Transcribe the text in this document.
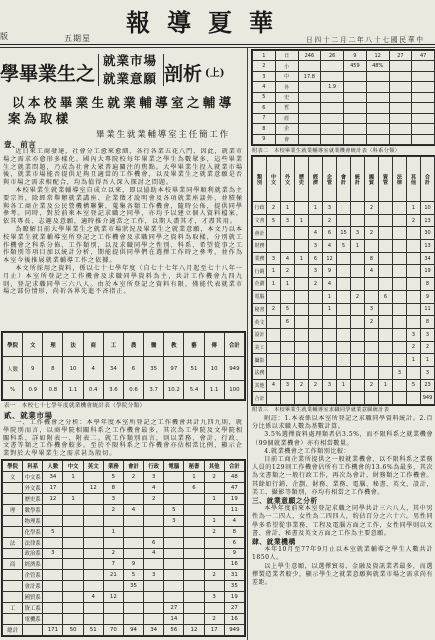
版	五期星
報導夏華
日四十二月二年八十七國民華中
學畢業生之
就業市場
就業意願 剖析 (上)
以本校畢業生就業輔導室之輔導
案為取樣
畢業生就業輔導室主任簡工作
壹、前言

近日來工商發達，社會分工愈來愈細，各行各業五花八門，因此，就業市場之需求亦愈形多樣化。國內大專院校每年畢業之學生為數眾多，這些畢業生之就業問題，乃成為社會大眾普遍關注的焦點。大學畢業生投入就業市場後，就業市場能否提供足夠且適當的工作機會，以及畢業生之就業意願是否與市場之需求相配合，均為值得吾人深入探討之問題。

本校畢業生就業輔導室自成立以來，即以協助本校畢業同學順利就業為主要宗旨，除經常舉辦就業講座、企業徵才說明會及各項就業座談外，並積極與各工商企業及公民營機構聯繫，蒐集各類工作機會，隨時公佈，提供同學參考。同時，對於前來本室登記求職之同學，亦均予以建立個人資料檔案，依其專長、志趣及意願，適時推介適當之工作，以期人盡其才，才盡其用。

為瞭解目前大學畢業生之就業市場狀況及畢業生之就業意願，本文乃以本校畢業生就業輔導室所登記之工作機會及求職同學之資料為取樣，分別就工作機會之科系分佈、工作類別，以及求職同學之性別、科系、希望從事之工作類別等項目加以統計分析，期能提供同學們在選擇工作時之參考，並作為本室今後推展就業輔導工作之依據。

本文所採用之資料，係以七十七學年度（自七十七年八月起至七十八年一月止）本室所登記之工作機會及求職同學資料為主，共計工作機會九四九則，登記求職同學三六八人。由於本室所登記之資料有限，僅能代表就業市場之部份情形，尚祈各界先進不吝指正。

學院	文	理	法	商	工	農	醫	教	藝	傳	合計
人數	9	8	10	4	34	6	35	97	51	10	949
%	0.9	0.8	1.1	0.4	3.6	0.6	3.7	10.2	5.4	1.1	100
表一　本校七十七學年度就業機會統計表（學院分類）
貳、就業市場

一、工作機會之分析：本學年度本室所登記之工作機會共計九四九則，就學院別而言，以商學院相關科系之工作機會最多，其次為工學院及文學院相關科系，詳如附表一、附表二。就工作類別而言，則以業務、會計、行政、文書等類之工作機會較多。至於不限科系之工作機會亦佔相當比例，顯示企業對於大學畢業生之需求甚為殷切。

學院	科系	人數	中文	英文	業務	會計	行政	電腦	秘書	其他	合計
文	中文系	34	1		5	2	3		1	2	48
	外文系	17		12	8		4		6		47
	歷史系	12	1		3		2			1	19
理	數學系				2	4		5			11
	物理系							3		1	4
	化學系	5			1					2	8
法	法律系						6				6
	政治系	3			2		4				9
商	經濟系				7	9					16
	企管系				21	5	3			2	31
	會計系					35					35
	國貿系			4	12					3	19
工	資工系							27			27
	電機系							14		2	16
總計		171	50	51	70	94	34	56	12	17	949
1	日	246	26	9	12	27	47
2	小			459	48%		
3	中	17.8					
4	外		1.9				
5	史						
6	哲						
7	經						
8	企						
9	會						
附表二　本校畢業生就業輔導室就業機會統計表（科系分類）
類別	中文	外文	歷史	經濟	企管	會計	統計	國貿	資管	法律	其他	合計
行政	2	1		1	3			2			1	10
文書	5	3	1		2						2	13
會計				4	6	15	3	2				30
財務				3	4	5	1					13
業務	3	4	1	6	12			8				34
行銷	1	2		3	9			4				19
企劃	1	1		2	4							8
電腦					1		2		6			9
秘書	2	5			1			3				11
英文		6						2				8
設計											3	3
美工											2	2
攝影											1	1
法務										3		3
其他	4	3	2	2	3	1		2	1		5	23
合計												949
附表三　本校畢業生就業輔導室求職同學就業意願統計表

附註：1.本表係以本室所登記之求職同學資料統計。2.百分比係以求職人數為基數計算。

3.5%選擇資料處理類者佔3.5%，而不限科系之就業機會（99個就業機會）亦有相當數量。

4.就業機會之工作類別比較：

目前工商企業所提供之一般就業機會，以不限科系之業務人員的129則工作機會佔所有工作機會的13.6%為最多，其次為文書類之一般行政工作，再次為會計、財務類之工作機會。其餘如行銷、企劃、財務、業務、電腦、秘書、英文、設計、美工、攝影等類別，亦均有相當之工作機會。

三、就業意願之分析

本學年度前來本室登記求職之同學共計三六八人，其中男性為一二四人，女性為二四四人，約佔百分之六十六。男性同學多希望從事業務、工程及電腦方面之工作，女性同學則以文書、會計、秘書及英文方面之工作為主要意願。

肆、就業機構

本年10月至77年9月止以本室就業輔導之學生人數共計1850人。

以上學生意願，以選擇貿易、金融及資訊業者最多，而選擇製造業者較少，顯示學生之就業意願與就業市場之需求尚有差距。
